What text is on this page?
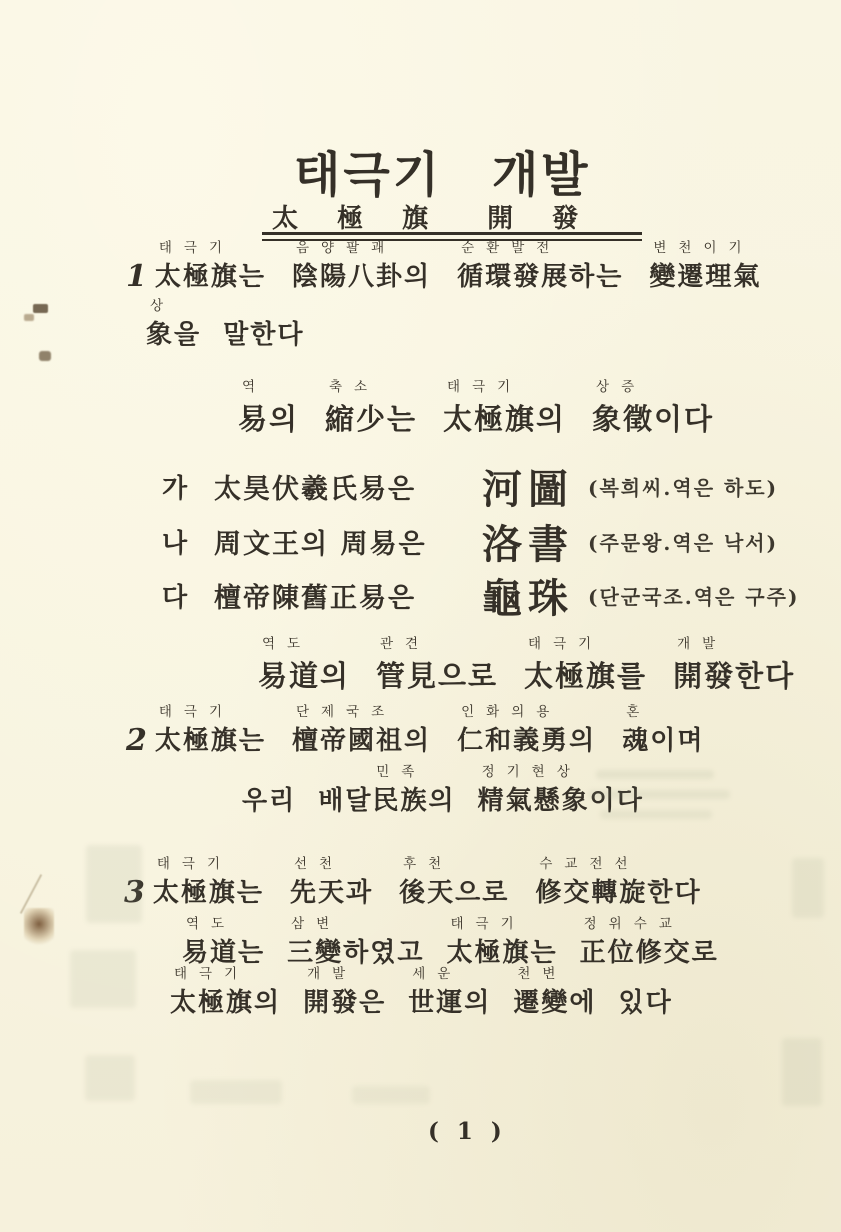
태극기 개발
太 極 旗 開 發
1
태극기
太極旗는
음양팔괘
陰陽八卦의
순환발전
循環發展하는
변천이기
變遷理氣
상
象을 말한다
역
易의
축소
縮少는
태극기
太極旗의
상증
象徵이다
가 太昊伏羲氏易은	河圖 (복희씨.역은 하도)
나 周文王의 周易은	洛書 (주문왕.역은 낙서)
다 檀帝陳舊正易은	龜珠 (단군국조.역은 구주)
역도
易道의
관견
管見으로
태극기
太極旗를
개발
開發한다
2
태극기
太極旗는
단제국조
檀帝國祖의
인화의용
仁和義勇의
혼
魂이며
우리
민족
배달民族의
정기현상
精氣懸象이다
3
태극기
太極旗는
선천
先天과
후천
後天으로
수교전선
修交轉旋한다
역도
易道는
삼변
三變하였고
태극기
太極旗는
정위수교
正位修交로
태극기
太極旗의
개발
開發은
세운
世運의
천변
遷變에 있다
( 1 )
